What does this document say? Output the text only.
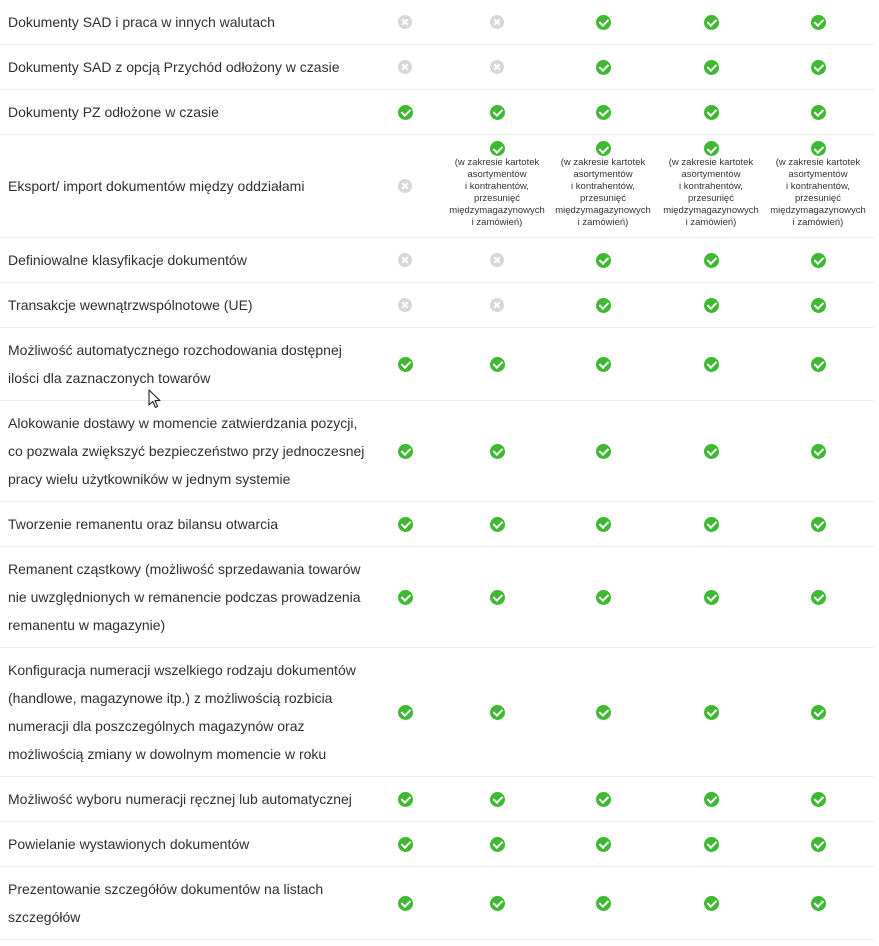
Dokumenty SAD i praca w innych walutach
Dokumenty SAD z opcją Przychód odłożony w czasie
Dokumenty PZ odłożone w czasie
Eksport/ import dokumentów między oddziałami
(w zakresie kartotek
asortymentów
i kontrahentów,
przesunięć
międzymagazynowych
i zamówień)
(w zakresie kartotek
asortymentów
i kontrahentów,
przesunięć
międzymagazynowych
i zamówień)
(w zakresie kartotek
asortymentów
i kontrahentów,
przesunięć
międzymagazynowych
i zamówień)
(w zakresie kartotek
asortymentów
i kontrahentów,
przesunięć
międzymagazynowych
i zamówień)
Definiowalne klasyfikacje dokumentów
Transakcje wewnątrzwspólnotowe (UE)
Możliwość automatycznego rozchodowania dostępnej
ilości dla zaznaczonych towarów
Alokowanie dostawy w momencie zatwierdzania pozycji,
co pozwala zwiększyć bezpieczeństwo przy jednoczesnej
pracy wielu użytkowników w jednym systemie
Tworzenie remanentu oraz bilansu otwarcia
Remanent cząstkowy (możliwość sprzedawania towarów
nie uwzględnionych w remanencie podczas prowadzenia
remanentu w magazynie)
Konfiguracja numeracji wszelkiego rodzaju dokumentów
(handlowe, magazynowe itp.) z możliwością rozbicia
numeracji dla poszczególnych magazynów oraz
możliwością zmiany w dowolnym momencie w roku
Możliwość wyboru numeracji ręcznej lub automatycznej
Powielanie wystawionych dokumentów
Prezentowanie szczegółów dokumentów na listach
szczegółów
